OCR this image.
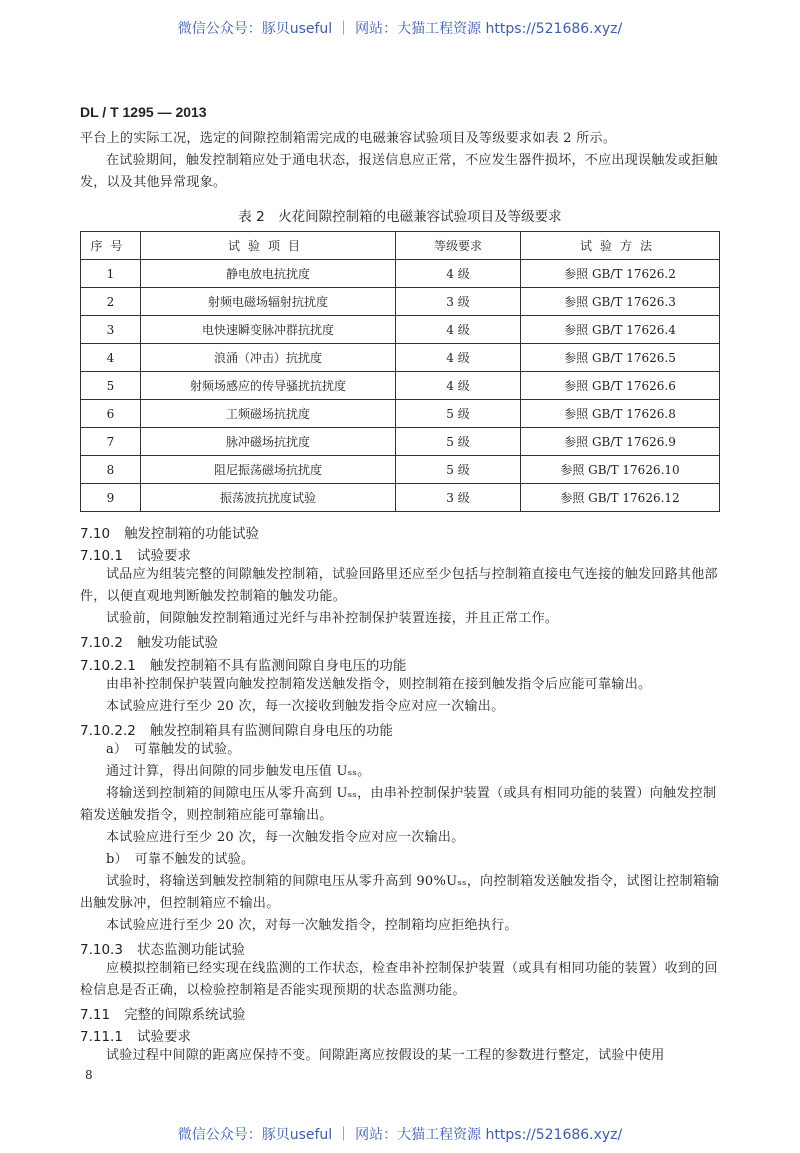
微信公众号：豚贝useful ｜ 网站：大猫工程资源 https://521686.xyz/
DL / T 1295 — 2013
平台上的实际工况，选定的间隙控制箱需完成的电磁兼容试验项目及等级要求如表 2 所示。
在试验期间，触发控制箱应处于通电状态，报送信息应正常，不应发生器件损坏，不应出现误触发或拒触发，以及其他异常现象。
表 2　火花间隙控制箱的电磁兼容试验项目及等级要求
序号	试验项目	等级要求	试验方法
1	静电放电抗扰度	4 级	参照 GB/T 17626.2
2	射频电磁场辐射抗扰度	3 级	参照 GB/T 17626.3
3	电快速瞬变脉冲群抗扰度	4 级	参照 GB/T 17626.4
4	浪涌（冲击）抗扰度	4 级	参照 GB/T 17626.5
5	射频场感应的传导骚扰抗扰度	4 级	参照 GB/T 17626.6
6	工频磁场抗扰度	5 级	参照 GB/T 17626.8
7	脉冲磁场抗扰度	5 级	参照 GB/T 17626.9
8	阻尼振荡磁场抗扰度	5 级	参照 GB/T 17626.10
9	振荡波抗扰度试验	3 级	参照 GB/T 17626.12
7.10 触发控制箱的功能试验
7.10.1 试验要求
试品应为组装完整的间隙触发控制箱，试验回路里还应至少包括与控制箱直接电气连接的触发回路其他部件，以便直观地判断触发控制箱的触发功能。
试验前，间隙触发控制箱通过光纤与串补控制保护装置连接，并且正常工作。
7.10.2 触发功能试验
7.10.2.1 触发控制箱不具有监测间隙自身电压的功能
由串补控制保护装置向触发控制箱发送触发指令，则控制箱在接到触发指令后应能可靠输出。
本试验应进行至少 20 次，每一次接收到触发指令应对应一次输出。
7.10.2.2 触发控制箱具有监测间隙自身电压的功能
a）　可靠触发的试验。
通过计算，得出间隙的同步触发电压值 Uₛₛ。
将输送到控制箱的间隙电压从零升高到 Uₛₛ，由串补控制保护装置（或具有相同功能的装置）向触发控制箱发送触发指令，则控制箱应能可靠输出。
本试验应进行至少 20 次，每一次触发指令应对应一次输出。
b）　可靠不触发的试验。
试验时，将输送到触发控制箱的间隙电压从零升高到 90%Uₛₛ，向控制箱发送触发指令，试图让控制箱输出触发脉冲，但控制箱应不输出。
本试验应进行至少 20 次，对每一次触发指令，控制箱均应拒绝执行。
7.10.3 状态监测功能试验
应模拟控制箱已经实现在线监测的工作状态，检查串补控制保护装置（或具有相同功能的装置）收到的回检信息是否正确，以检验控制箱是否能实现预期的状态监测功能。
7.11 完整的间隙系统试验
7.11.1 试验要求
试验过程中间隙的距离应保持不变。间隙距离应按假设的某一工程的参数进行整定，试验中使用
8
微信公众号：豚贝useful ｜ 网站：大猫工程资源 https://521686.xyz/
